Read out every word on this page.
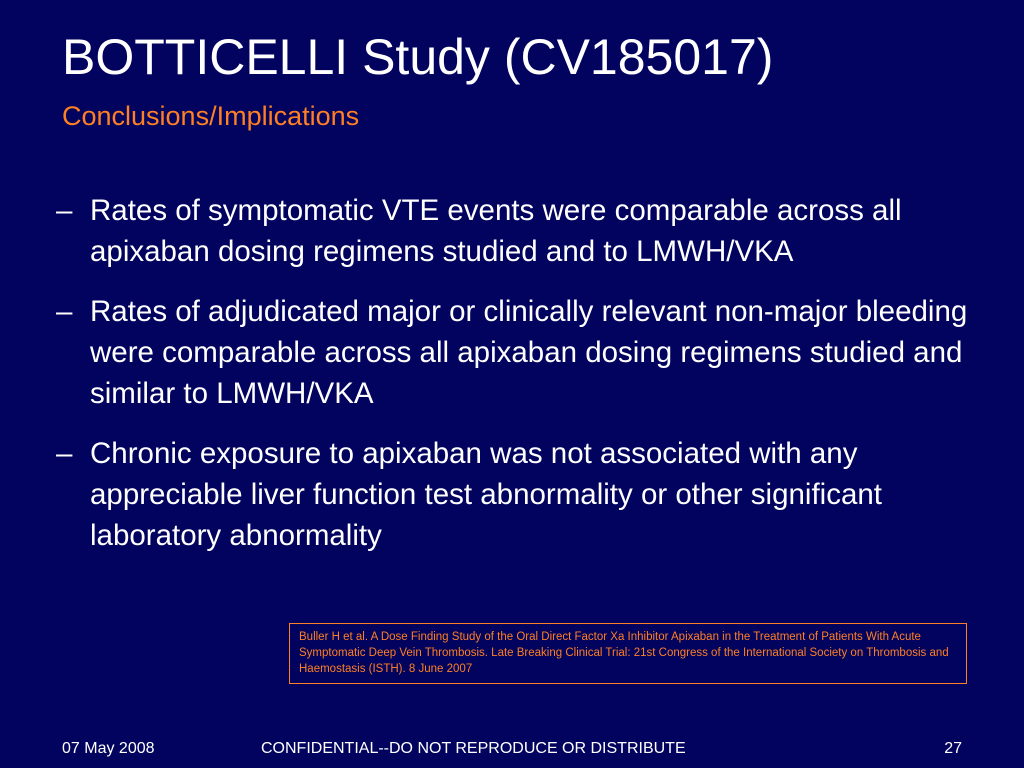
BOTTICELLI Study (CV185017)
Conclusions/Implications
– Rates of symptomatic VTE events were comparable across all apixaban dosing regimens studied and to LMWH/VKA
– Rates of adjudicated major or clinically relevant non-major bleeding were comparable across all apixaban dosing regimens studied and similar to LMWH/VKA
– Chronic exposure to apixaban was not associated with any appreciable liver function test abnormality or other significant laboratory abnormality
Buller H et al. A Dose Finding Study of the Oral Direct Factor Xa Inhibitor Apixaban in the Treatment of Patients With Acute Symptomatic Deep Vein Thrombosis. Late Breaking Clinical Trial: 21st Congress of the International Society on Thrombosis and Haemostasis (ISTH). 8 June 2007
07 May 2008	CONFIDENTIAL--DO NOT REPRODUCE OR DISTRIBUTE	27
